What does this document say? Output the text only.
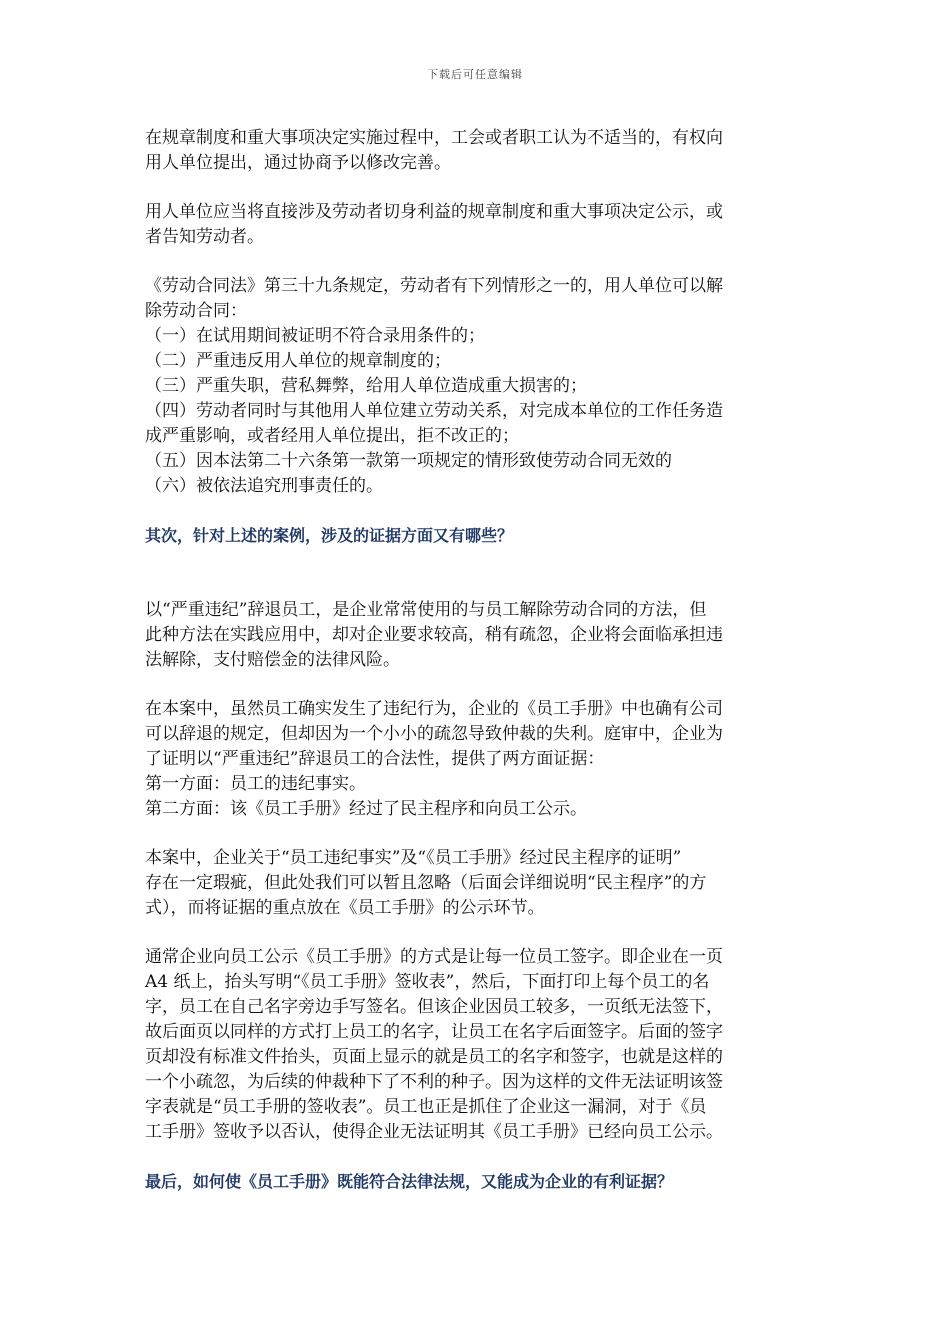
下载后可任意编辑
在规章制度和重大事项决定实施过程中，工会或者职工认为不适当的，有权向
用人单位提出，通过协商予以修改完善。
用人单位应当将直接涉及劳动者切身利益的规章制度和重大事项决定公示，或
者告知劳动者。
《劳动合同法》第三十九条规定，劳动者有下列情形之一的，用人单位可以解
除劳动合同：
（一）在试用期间被证明不符合录用条件的；
（二）严重违反用人单位的规章制度的；
（三）严重失职，营私舞弊，给用人单位造成重大损害的；
（四）劳动者同时与其他用人单位建立劳动关系，对完成本单位的工作任务造
成严重影响，或者经用人单位提出，拒不改正的；
（五）因本法第二十六条第一款第一项规定的情形致使劳动合同无效的
（六）被依法追究刑事责任的。
其次，针对上述的案例，涉及的证据方面又有哪些？
以“严重违纪”辞退员工，是企业常常使用的与员工解除劳动合同的方法，但
此种方法在实践应用中，却对企业要求较高，稍有疏忽，企业将会面临承担违
法解除，支付赔偿金的法律风险。
在本案中，虽然员工确实发生了违纪行为，企业的《员工手册》中也确有公司
可以辞退的规定，但却因为一个小小的疏忽导致仲裁的失利。庭审中，企业为
了证明以“严重违纪”辞退员工的合法性，提供了两方面证据：
第一方面：员工的违纪事实。
第二方面：该《员工手册》经过了民主程序和向员工公示。
本案中，企业关于“员工违纪事实”及“《员工手册》经过民主程序的证明”
存在一定瑕疵，但此处我们可以暂且忽略（后面会详细说明“民主程序”的方
式），而将证据的重点放在《员工手册》的公示环节。
通常企业向员工公示《员工手册》的方式是让每一位员工签字。即企业在一页
A4 纸上，抬头写明“《员工手册》签收表”，然后，下面打印上每个员工的名
字，员工在自己名字旁边手写签名。但该企业因员工较多，一页纸无法签下，
故后面页以同样的方式打上员工的名字，让员工在名字后面签字。后面的签字
页却没有标准文件抬头，页面上显示的就是员工的名字和签字，也就是这样的
一个小疏忽，为后续的仲裁种下了不利的种子。因为这样的文件无法证明该签
字表就是“员工手册的签收表”。员工也正是抓住了企业这一漏洞，对于《员
工手册》签收予以否认，使得企业无法证明其《员工手册》已经向员工公示。
最后，如何使《员工手册》既能符合法律法规，又能成为企业的有利证据？
